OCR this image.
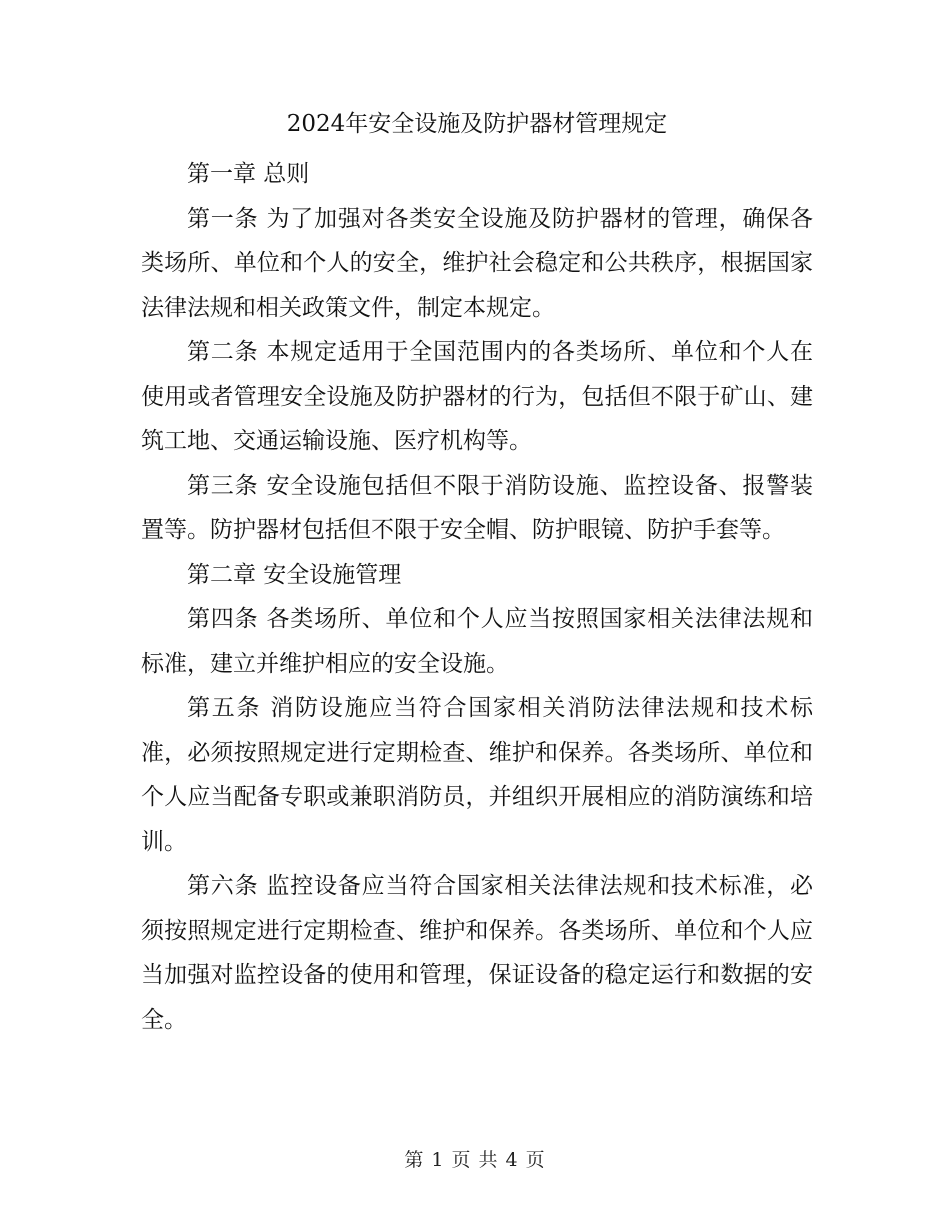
2024年安全设施及防护器材管理规定

第一章 总则

第一条 为了加强对各类安全设施及防护器材的管理，确保各类场所、单位和个人的安全，维护社会稳定和公共秩序，根据国家法律法规和相关政策文件，制定本规定。

第二条 本规定适用于全国范围内的各类场所、单位和个人在使用或者管理安全设施及防护器材的行为，包括但不限于矿山、建筑工地、交通运输设施、医疗机构等。

第三条 安全设施包括但不限于消防设施、监控设备、报警装置等。防护器材包括但不限于安全帽、防护眼镜、防护手套等。

第二章 安全设施管理

第四条 各类场所、单位和个人应当按照国家相关法律法规和标准，建立并维护相应的安全设施。

第五条 消防设施应当符合国家相关消防法律法规和技术标准，必须按照规定进行定期检查、维护和保养。各类场所、单位和个人应当配备专职或兼职消防员，并组织开展相应的消防演练和培训。

第六条 监控设备应当符合国家相关法律法规和技术标准，必须按照规定进行定期检查、维护和保养。各类场所、单位和个人应当加强对监控设备的使用和管理，保证设备的稳定运行和数据的安全。

第 1 页 共 4 页
